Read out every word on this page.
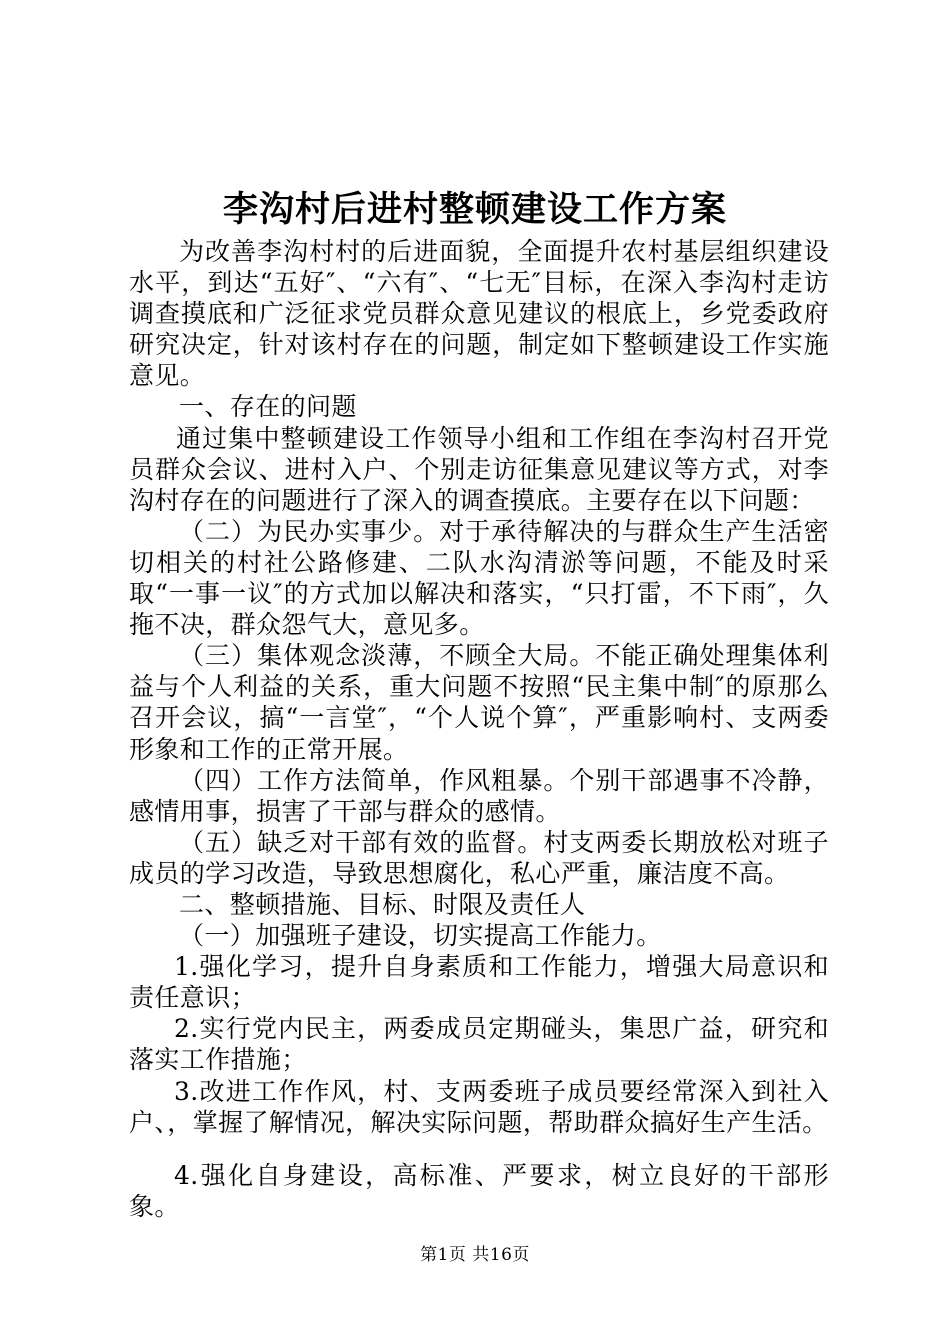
李沟村后进村整顿建设工作方案

为改善李沟村村的后进面貌，全面提升农村基层组织建设水平，到达“五好″、“六有″、“七无″目标，在深入李沟村走访调查摸底和广泛征求党员群众意见建议的根底上，乡党委政府研究决定，针对该村存在的问题，制定如下整顿建设工作实施意见。

一、存在的问题

通过集中整顿建设工作领导小组和工作组在李沟村召开党员群众会议、进村入户、个别走访征集意见建议等方式，对李沟村存在的问题进行了深入的调查摸底。主要存在以下问题：

（二）为民办实事少。对于承待解决的与群众生产生活密切相关的村社公路修建、二队水沟清淤等问题，不能及时采取“一事一议″的方式加以解决和落实，“只打雷，不下雨″，久拖不决，群众怨气大，意见多。

（三）集体观念淡薄，不顾全大局。不能正确处理集体利益与个人利益的关系，重大问题不按照“民主集中制″的原那么召开会议，搞“一言堂″，“个人说个算″，严重影响村、支两委形象和工作的正常开展。

（四）工作方法简单，作风粗暴。个别干部遇事不冷静，感情用事，损害了干部与群众的感情。

（五）缺乏对干部有效的监督。村支两委长期放松对班子成员的学习改造，导致思想腐化，私心严重，廉洁度不高。

二、整顿措施、目标、时限及责任人

（一）加强班子建设，切实提高工作能力。

1.强化学习，提升自身素质和工作能力，增强大局意识和责任意识；

2.实行党内民主，两委成员定期碰头，集思广益，研究和落实工作措施；

3.改进工作作风，村、支两委班子成员要经常深入到社入户、，掌握了解情况，解决实际问题，帮助群众搞好生产生活。

4.强化自身建设，高标准、严要求，树立良好的干部形象。

第1页 共16页
